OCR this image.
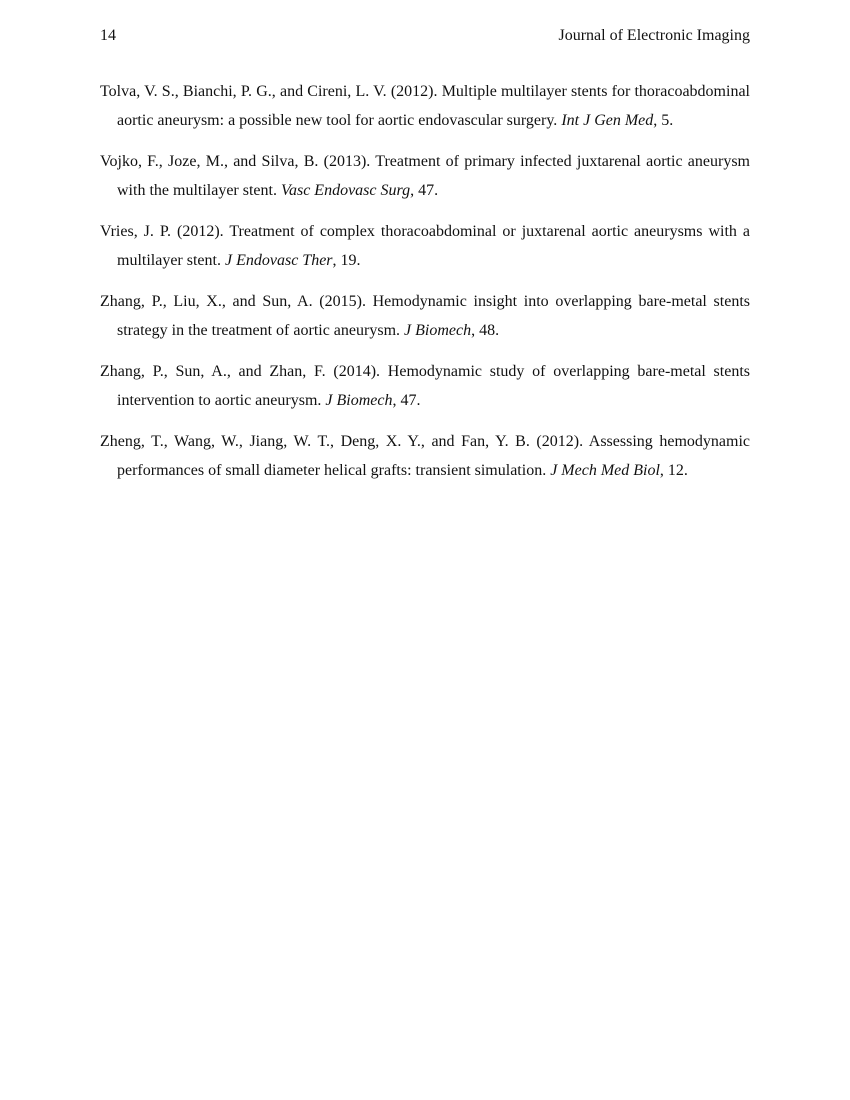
14	Journal of Electronic Imaging
Tolva, V. S., Bianchi, P. G., and Cireni, L. V. (2012). Multiple multilayer stents for thoracoabdominal aortic aneurysm: a possible new tool for aortic endovascular surgery. Int J Gen Med, 5.
Vojko, F., Joze, M., and Silva, B. (2013). Treatment of primary infected juxtarenal aortic aneurysm with the multilayer stent. Vasc Endovasc Surg, 47.
Vries, J. P. (2012). Treatment of complex thoracoabdominal or juxtarenal aortic aneurysms with a multilayer stent. J Endovasc Ther, 19.
Zhang, P., Liu, X., and Sun, A. (2015). Hemodynamic insight into overlapping bare-metal stents strategy in the treatment of aortic aneurysm. J Biomech, 48.
Zhang, P., Sun, A., and Zhan, F. (2014). Hemodynamic study of overlapping bare-metal stents intervention to aortic aneurysm. J Biomech, 47.
Zheng, T., Wang, W., Jiang, W. T., Deng, X. Y., and Fan, Y. B. (2012). Assessing hemodynamic performances of small diameter helical grafts: transient simulation. J Mech Med Biol, 12.
